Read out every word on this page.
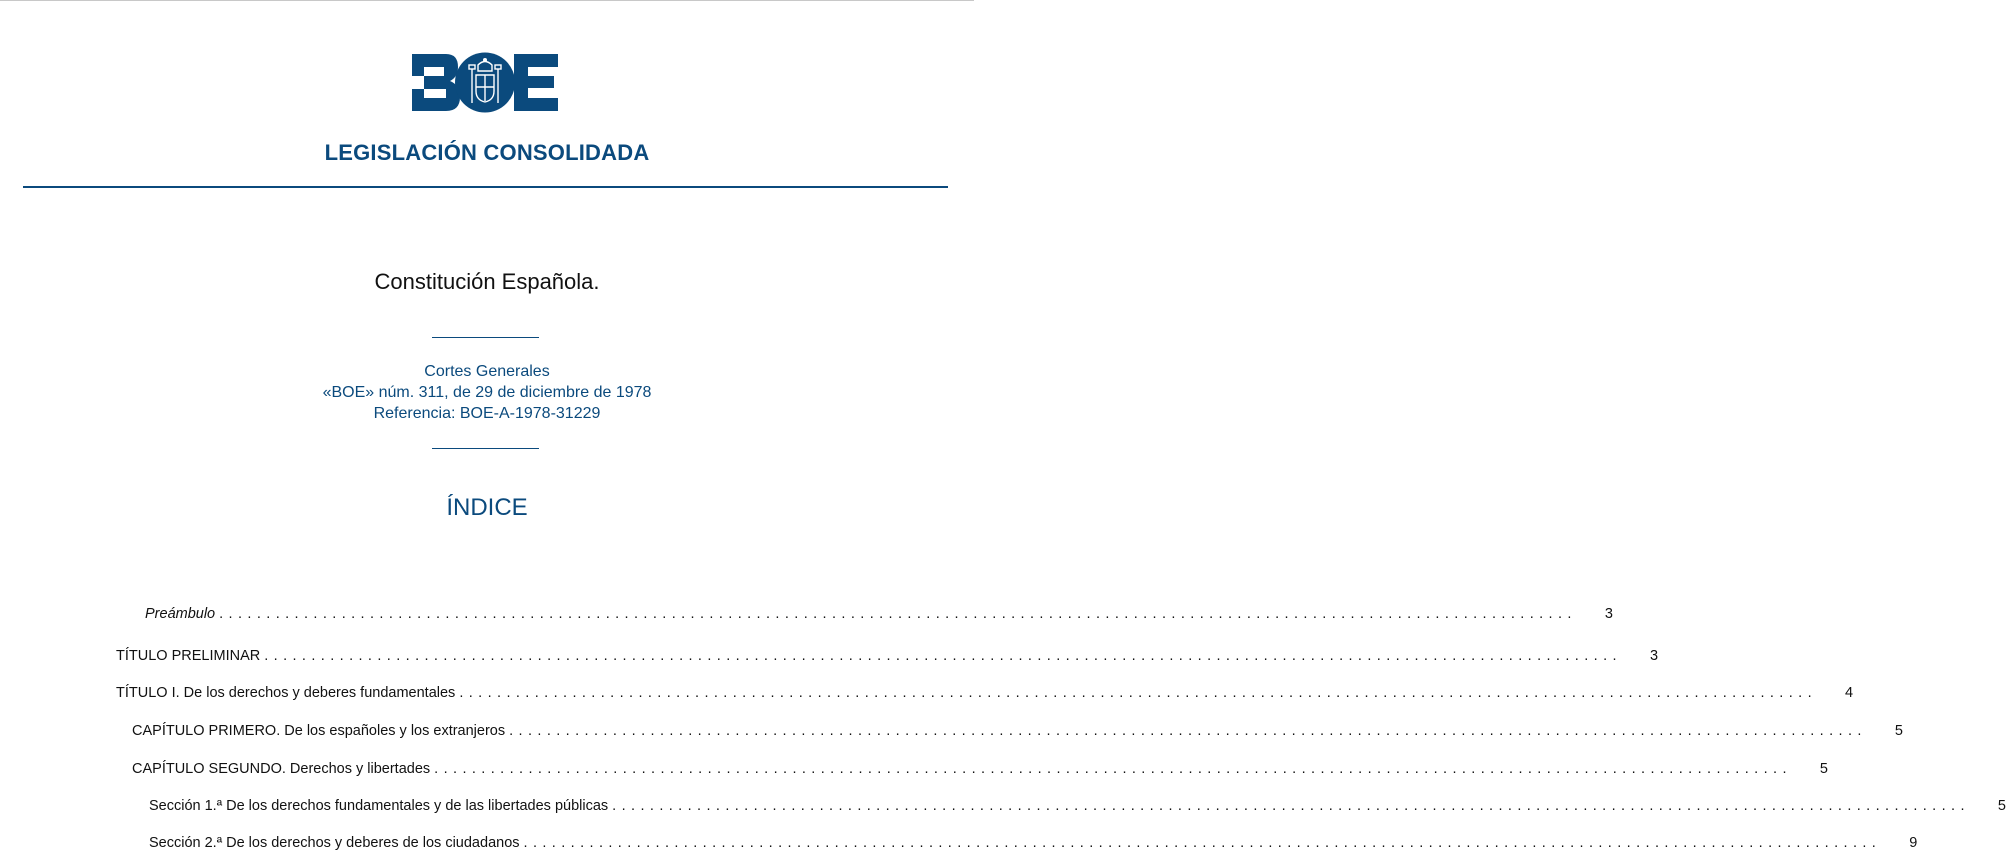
LEGISLACIÓN CONSOLIDADA
Constitución Española.
Cortes Generales
«BOE» núm. 311, de 29 de diciembre de 1978
Referencia: BOE-A-1978-31229
ÍNDICE
Preámbulo ................................................................................................................................................ 3
TÍTULO PRELIMINAR ................................................................................................................................................ 3
TÍTULO I. De los derechos y deberes fundamentales ................................................................................................................................................ 4
CAPÍTULO PRIMERO. De los españoles y los extranjeros ................................................................................................................................................ 5
CAPÍTULO SEGUNDO. Derechos y libertades ................................................................................................................................................ 5
Sección 1.ª De los derechos fundamentales y de las libertades públicas ................................................................................................................................................ 5
Sección 2.ª De los derechos y deberes de los ciudadanos ................................................................................................................................................ 9
